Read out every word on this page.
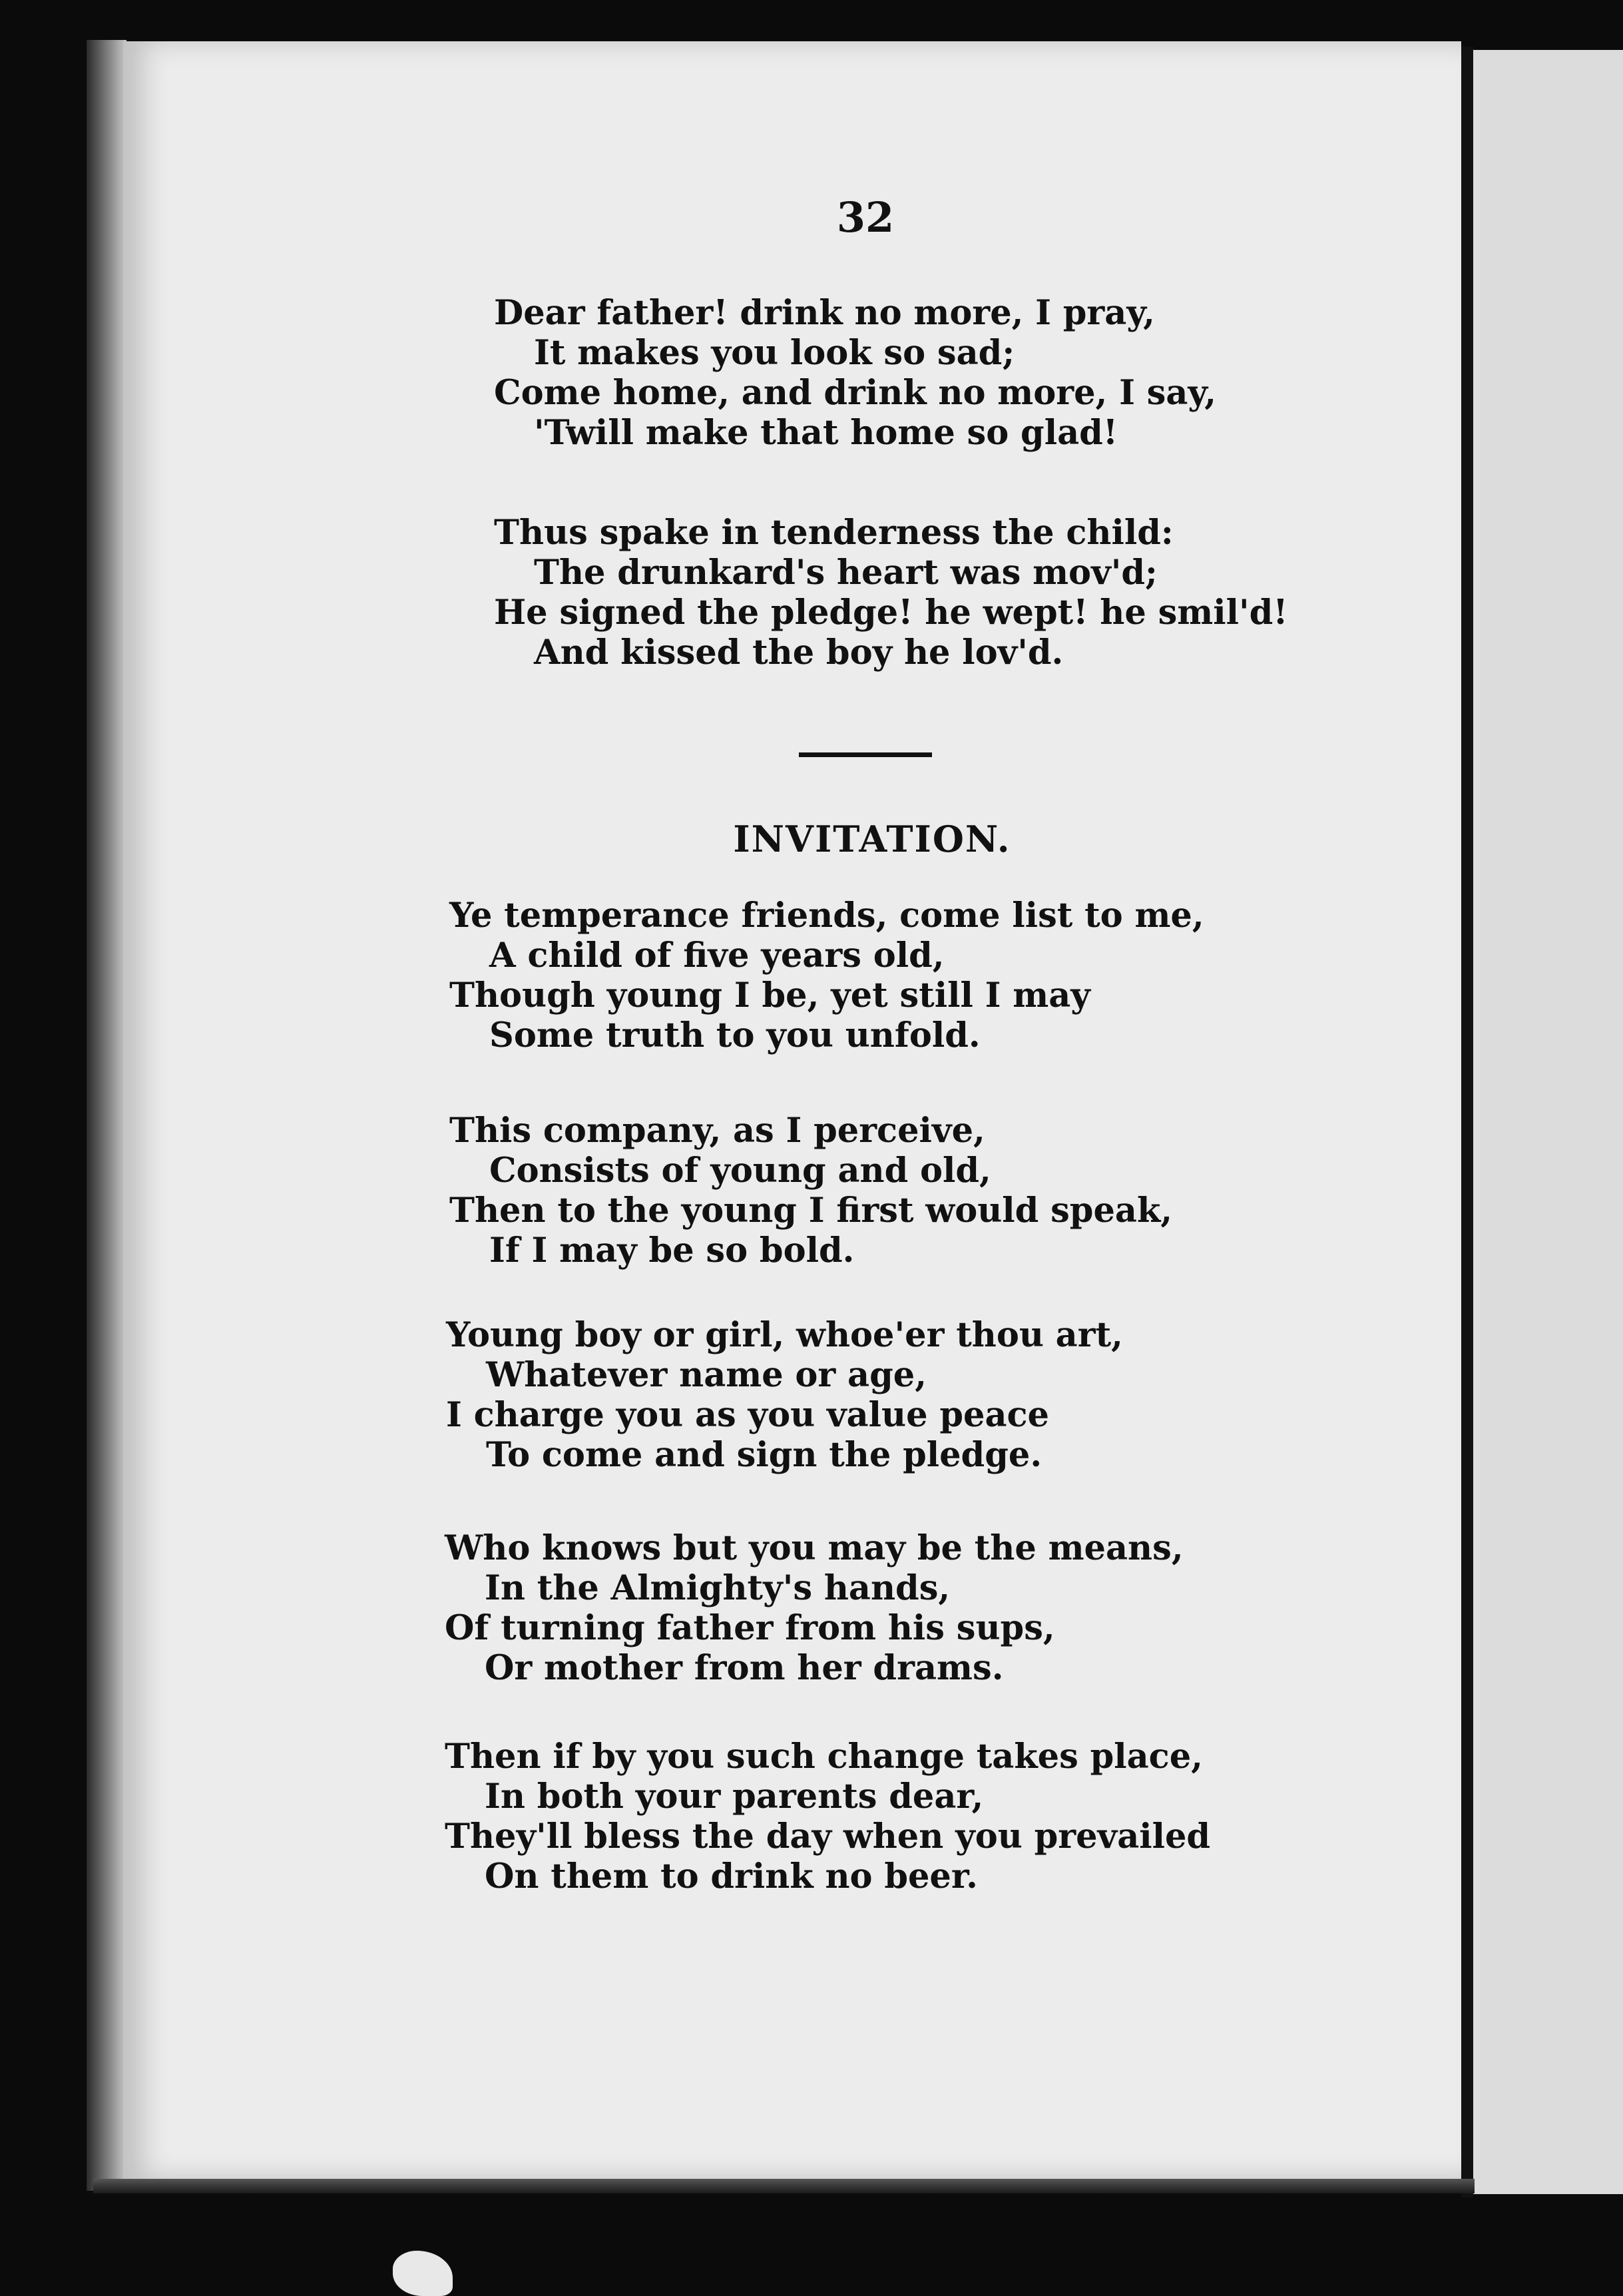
32
Dear father! drink no more, I pray,
It makes you look so sad;
Come home, and drink no more, I say,
'Twill make that home so glad!
Thus spake in tenderness the child:
The drunkard's heart was mov'd;
He signed the pledge! he wept! he smil'd!
And kissed the boy he lov'd.
INVITATION.
Ye temperance friends, come list to me,
A child of five years old,
Though young I be, yet still I may
Some truth to you unfold.
This company, as I perceive,
Consists of young and old,
Then to the young I first would speak,
If I may be so bold.
Young boy or girl, whoe'er thou art,
Whatever name or age,
I charge you as you value peace
To come and sign the pledge.
Who knows but you may be the means,
In the Almighty's hands,
Of turning father from his sups,
Or mother from her drams.
Then if by you such change takes place,
In both your parents dear,
They'll bless the day when you prevailed
On them to drink no beer.
